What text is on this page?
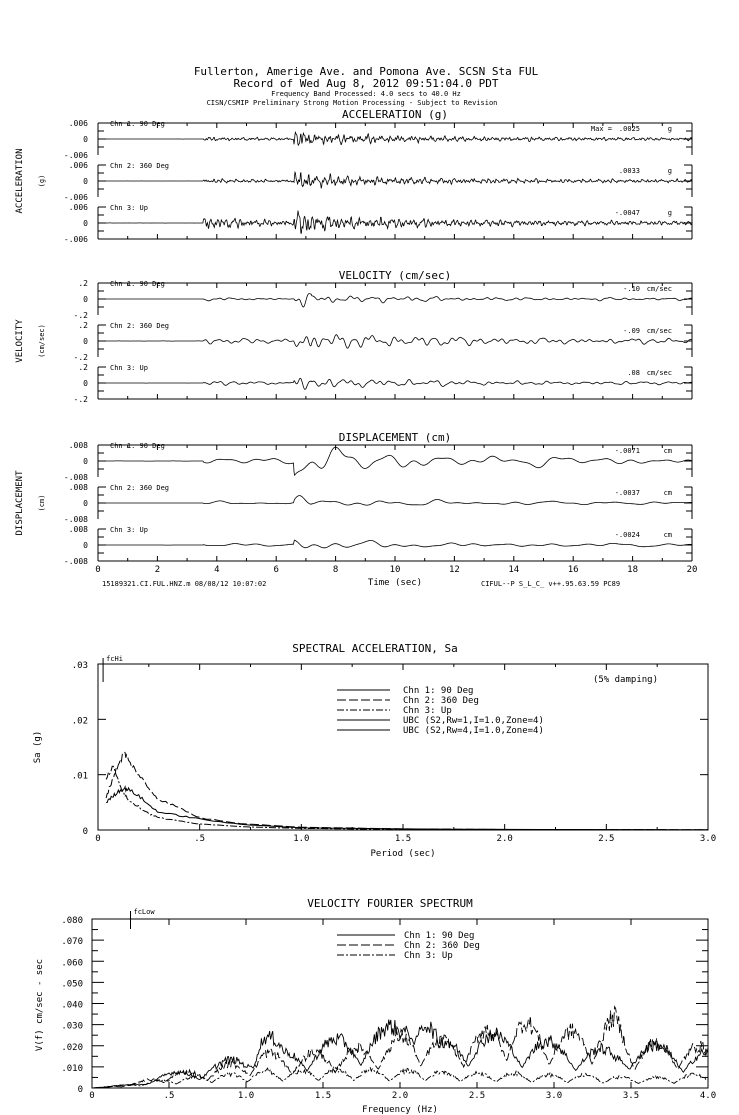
Fullerton, Amerige Ave. and Pomona Ave. SCSN Sta FUL
Record of Wed Aug 8, 2012 09:51:04.0 PDT
Frequency Band Processed: 4.0 secs to 40.0 Hz
CISN/CSMIP Preliminary Strong Motion Processing - Subject to Revision
15189321.CI.FUL.HNZ.m 08/08/12 10:07:02	CIFUL--P S_L_C_ v++.95.63.59 PC89
ACCELERATION (g)
ACCELERATION (g)
.006
0
-.006
Chn 1: 90 Deg
Max = .0025	g
.006
0
-.006
Chn 2: 360 Deg
.0033	g
.006
0
-.006
Chn 3: Up
-.0047	g
VELOCITY (cm/sec)
VELOCITY (cm/sec)
.2
0
-.2
Chn 1: 90 Deg
-.10 cm/sec
.2
0
-.2
Chn 2: 360 Deg
-.09 cm/sec
.2
0
-.2
Chn 3: Up
.08 cm/sec
DISPLACEMENT (cm)
DISPLACEMENT (cm)
.008
0
-.008
Chn 1: 90 Deg
-.0071	cm
.008
0
-.008
Chn 2: 360 Deg
-.0037	cm
.008
0
-.008
Chn 3: Up
-.0024	cm
0	2	4	6	8	10	12	14	16	18	20
Time (sec)
SPECTRAL ACCELERATION, Sa
Sa (g)
Period (sec)
(5% damping)
.03
.02
.01
0
0	.5	1.0	1.5	2.0	2.5	3.0
fcHi
Chn 1: 90 Deg
Chn 2: 360 Deg
Chn 3: Up
UBC (S2,Rw=1,I=1.0,Zone=4)
UBC (S2,Rw=4,I=1.0,Zone=4)
VELOCITY FOURIER SPECTRUM
V(f) cm/sec - sec
Frequency (Hz)
.080
.070
.060
.050
.040
.030
.020
.010
0
0	.5	1.0	1.5	2.0	2.5	3.0	3.5	4.0
fcLow
Chn 1: 90 Deg
Chn 2: 360 Deg
Chn 3: Up
